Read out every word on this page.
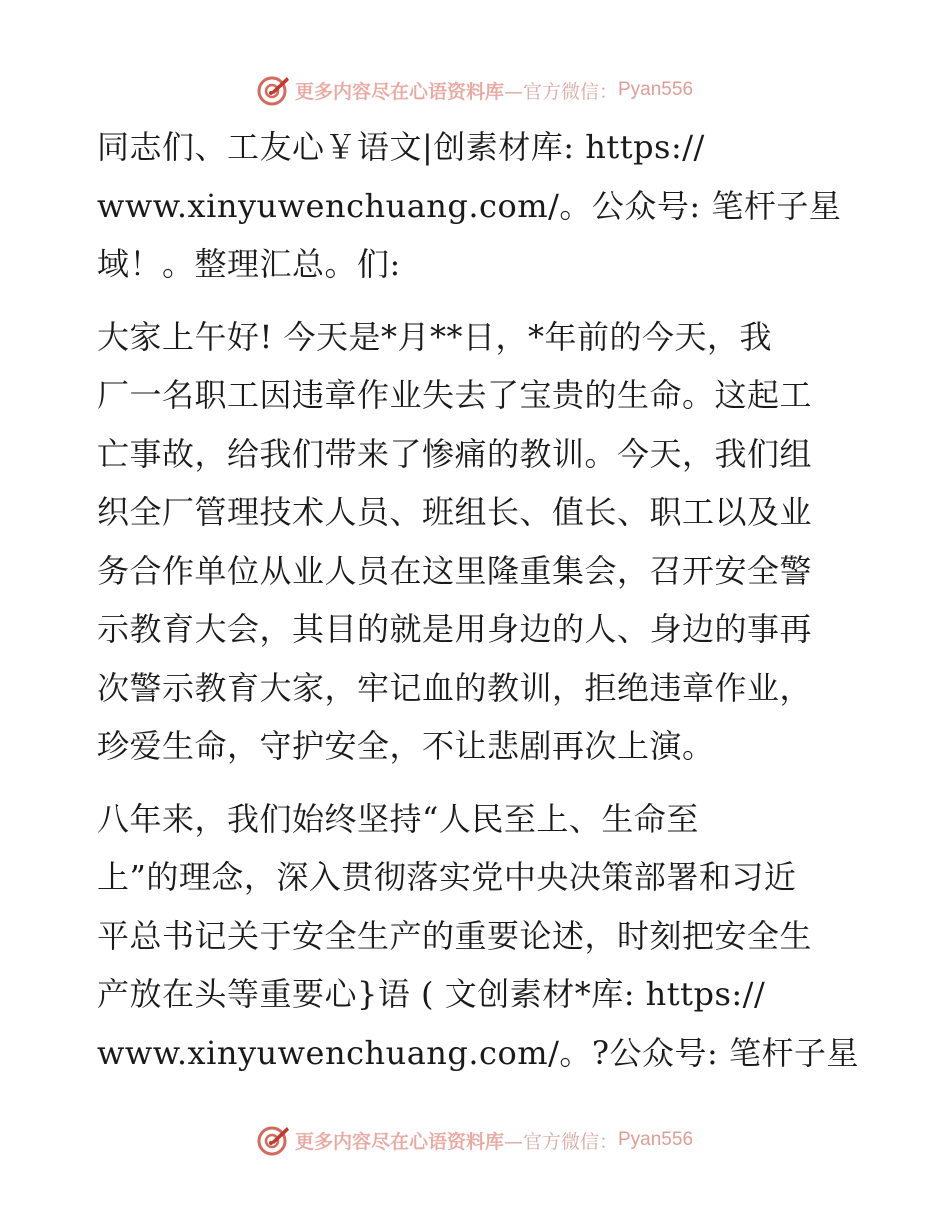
更多内容尽在心语资料库 —官方微信： Pyan556
同志们、工友心￥语文|创素材库: https://
www.xinyuwenchuang.com/。公众号: 笔杆子星
域！。整理汇总。们:
大家上午好! 今天是*月**日，*年前的今天，我
厂一名职工因违章作业失去了宝贵的生命。这起工
亡事故，给我们带来了惨痛的教训。今天，我们组
织全厂管理技术人员、班组长、值长、职工以及业
务合作单位从业人员在这里隆重集会，召开安全警
示教育大会，其目的就是用身边的人、身边的事再
次警示教育大家，牢记血的教训，拒绝违章作业，
珍爱生命，守护安全，不让悲剧再次上演。
八年来，我们始终坚持“人民至上、生命至
上”的理念，深入贯彻落实党中央决策部署和习近
平总书记关于安全生产的重要论述，时刻把安全生
产放在头等重要心}语 ( 文创素材*库: https://
www.xinyuwenchuang.com/。?公众号: 笔杆子星
更多内容尽在心语资料库 —官方微信： Pyan556
